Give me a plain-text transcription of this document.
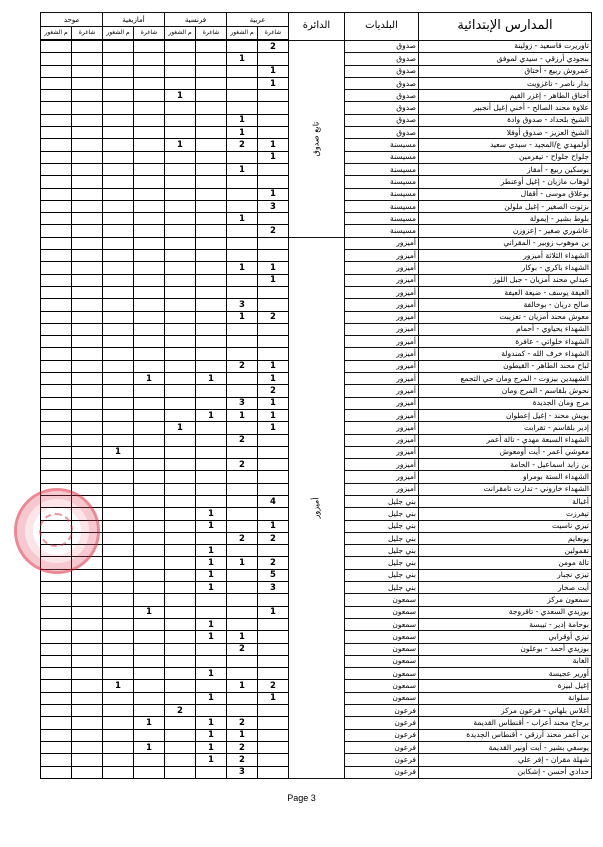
المدارس الإبتدائية	البلديات	الدائرة	عربية		فرنسية		أمازيغية		موحد	
			شاغرة	م الشغور	شاغرة	م الشغور	شاغرة	م الشغور	شاغرة	م الشغور
تاوريرت قاسعيد - زولينة	صدوق	تابع صدوق	2							
بنجودي أرزقي - سيدي لموفق	صدوق			1						
عمروش ربيع - أختاق	صدوق		1							
بدار ناصر - تاغزويت	صدوق		1							
أخناق الطاهر - إغزر القيم	صدوق					1				
علاوة محند الصالح - أخني إغيل أنجبير	صدوق									
الشيخ بلحداد - صدوق وادة	صدوق			1						
الشيخ العزيز - صدوق أوفلا	صدوق			1						
أولمهدي ع/المجيد - سيدي سعيد	مسيسنة		1	2		1				
جلواح جلواح - تيفرمين	مسيسنة		1							
بوسكين ربيع - أمقاز	مسيسنة			1						
لوهاب مازيان - إغيل أوعنطر	مسيسنة									
بوعلاق موسى - أقفال	مسيسنة		1							
بزتوت الصغير - إغيل ملولن	مسيسنة		3							
بلوط بشير - إيمولة	مسيسنة			1						
عاشوري صغير - إعزوزن	مسيسنة		2							
بن موهوب زوبير - المقراني	أميزور	أميزور								
الشهداء الثلاثة أميزور	أميزور									
الشهداء باكري - بوكار	أميزور		1	1						
عبدلي محند أمزيان - جبل اللوز	أميزور		1							
العيفة يوسف - ضيعة العيفة	أميزور									
صالح دريان - بوخالفة	أميزور			3						
معوش محند أمزيان - تعزيبت	أميزور		2	1						
الشهداء يحياوي - أحمام	أميزور									
الشهداء خلواتي - عافرة	أميزور									
الشهداء خرف الله - كمندولة	أميزور									
لباح محند الطاهر - القيطون	أميزور		1	2						
الشهيدين بيزوت - المرج ومان حي التجمع	أميزور		1		1		1			
نحوش بلقاسم - المرج ومان	أميزور		2							
مرج ومان الجديدة	أميزور		1	3						
بويش محند - إغيل إعطوان	أميزور		1	1	1					
إدير بلقاسم - تقرابت	أميزور		1			1				
الشهداء السبعة مهدي - تالة أعمر	أميزور			2						
معوشي أعمر - أيت أومعوش	أميزور							1		
بن زايد اسماعيل - الحامة	أميزور			2						
الشهداء الستة بومراو	أميزور									
الشهداء خاروني - تدارت تامقرانت	أميزور									
أغبالة	بني جليل		4							
تيفرزت	بني جليل				1					
تيزي ناسيت	بني جليل		1		1					
بونعايم	بني جليل		2	2						
تقمولين	بني جليل				1					
تالة مومن	بني جليل		2	1	1					
تيزي نجبار	بني جليل		5		1					
أيت صخار	بني جليل		3		1					
سمعون مركز	سمعون									
بوزيدي السعدي - تاقروجة	سمعون		1				1			
بوحامة إدير - تيبسة	سمعون				1					
تيزي أوقرابي	سمعون			1	1					
بوزيدي أحمد - بوعلون	سمعون			2						
الغابة	سمعون									
أورير عجيسة	سمعون				1					
إغيل لبيزة	سمعون		2	1				1		
سلوانة	سمعون		1		1					
أغلاس بلهاني - فرعون مركز	فرعون					2				
برجاح محند أعراب - أقنطاس القديمة	فرعون			2	1		1			
بن أعمر محند أرزقي - أقنطاس الجديدة	فرعون			1	1					
يوسفي بشير - أيت أونير القديمة	فرعون			2	1		1			
شهلة مقران - إفر علي	فرعون			2	1					
حدادي أحسن - إشكابن	فرعون			3						
Page 3
